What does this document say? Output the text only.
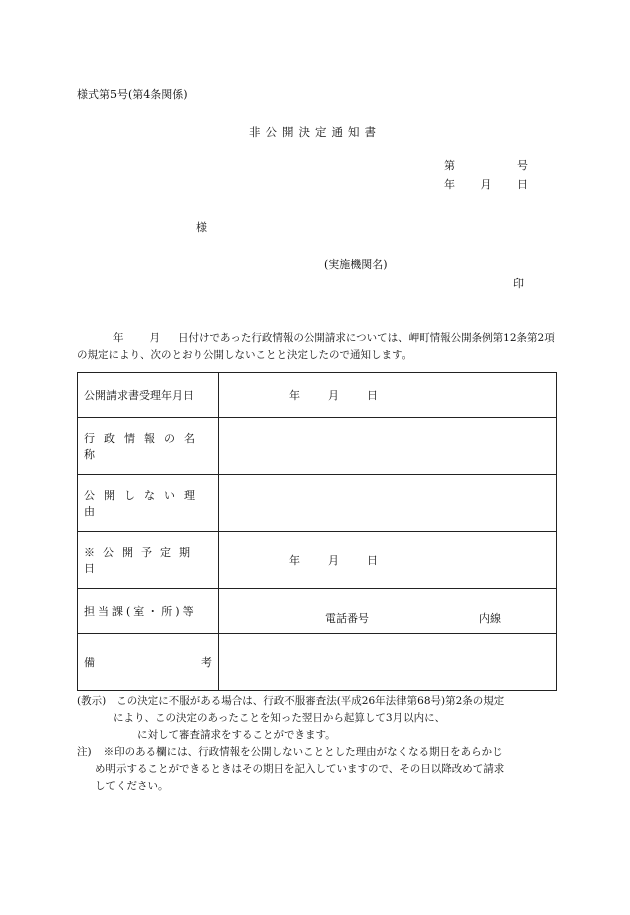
様式第5号(第4条関係)
非公開決定通知書
第	号
年 月 日
様
(実施機関名)
印
年 月 日付けであった行政情報の公開請求については、岬町情報公開条例第12条第2項の規定により、次のとおり公開しないことと決定したので通知します。
公開請求書受理年月日	年 月 日

行政情報の名称	

公開しない理由	

※公開予定期日	年 月 日

担当課(室・所)等	電話番号 内線

備 考	

(教示) この決定に不服がある場合は、行政不服審査法(平成26年法律第68号)第2条の規定

により、この決定のあったことを知った翌日から起算して3月以内に、

に対して審査請求をすることができます。

注) ※印のある欄には、行政情報を公開しないこととした理由がなくなる期日をあらかじ

め明示することができるときはその期日を記入していますので、その日以降改めて請求

してください。
